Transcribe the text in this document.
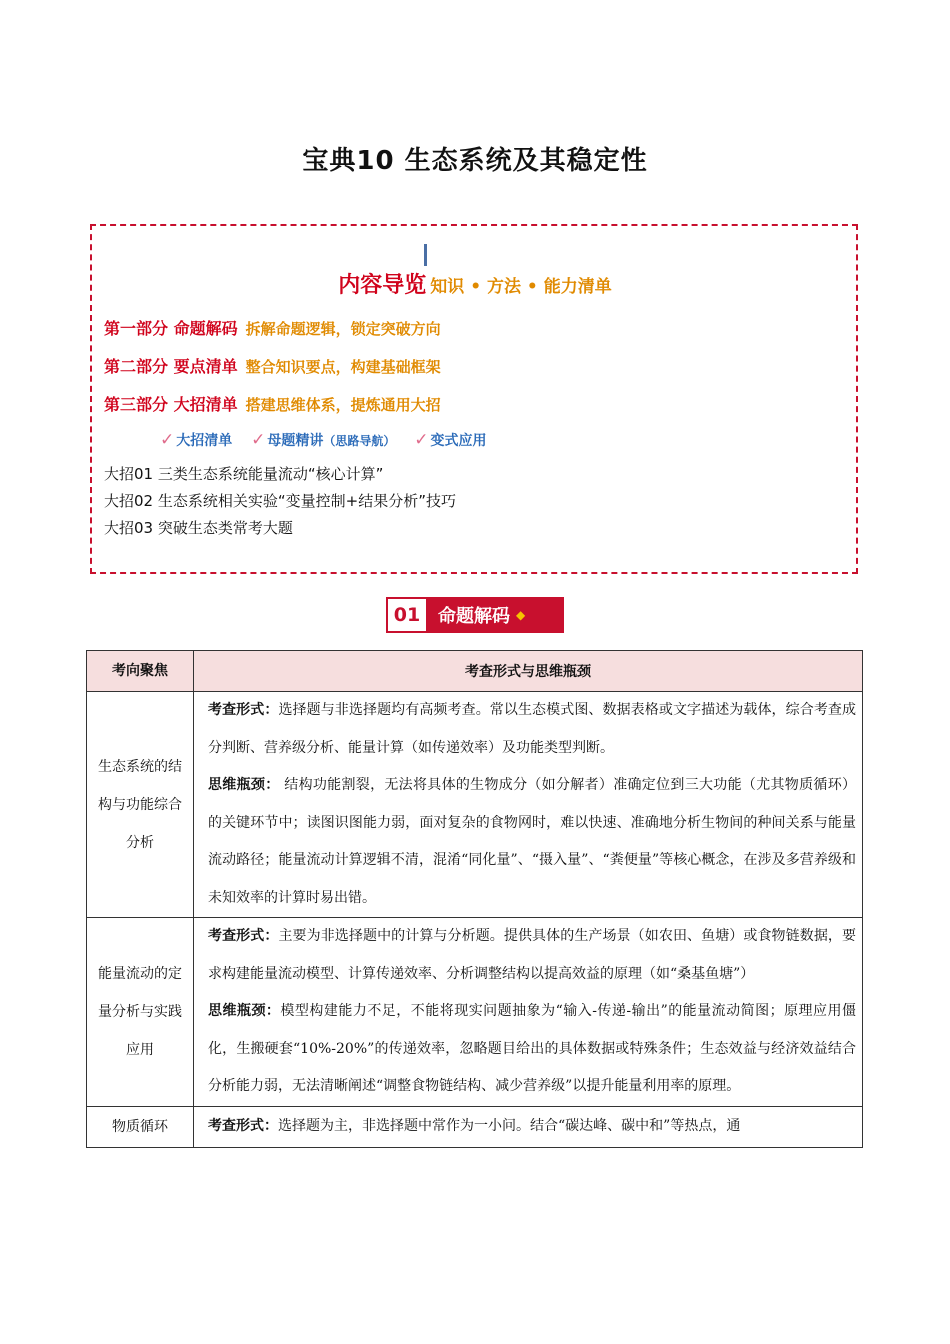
宝典10 生态系统及其稳定性
内容导览 知识 • 方法 • 能力清单
第一部分 命题解码 拆解命题逻辑，锁定突破方向
第二部分 要点清单 整合知识要点，构建基础框架
第三部分 大招清单 搭建思维体系，提炼通用大招
✓ 大招清单 ✓ 母题精讲（思路导航） ✓ 变式应用
大招01 三类生态系统能量流动“核心计算”
大招02 生态系统相关实验“变量控制+结果分析”技巧
大招03 突破生态类常考大题
01 命题解码 ◆
考向聚焦	考查形式与思维瓶颈

生态系统的结构与功能综合分析	考查形式：选择题与非选择题均有高频考查。常以生态模式图、数据表格或文字描述为载体，综合考查成分判断、营养级分析、能量计算（如传递效率）及功能类型判断。
思维瓶颈： 结构功能割裂，无法将具体的生物成分（如分解者）准确定位到三大功能（尤其物质循环）的关键环节中；读图识图能力弱，面对复杂的食物网时，难以快速、准确地分析生物间的种间关系与能量流动路径；能量流动计算逻辑不清，混淆“同化量”、“摄入量”、“粪便量”等核心概念，在涉及多营养级和未知效率的计算时易出错。

能量流动的定量分析与实践应用	考查形式：主要为非选择题中的计算与分析题。提供具体的生产场景（如农田、鱼塘）或食物链数据，要求构建能量流动模型、计算传递效率、分析调整结构以提高效益的原理（如“桑基鱼塘”）
思维瓶颈：模型构建能力不足，不能将现实问题抽象为“输入-传递-输出”的能量流动简图；原理应用僵化，生搬硬套“10%-20%”的传递效率，忽略题目给出的具体数据或特殊条件；生态效益与经济效益结合分析能力弱，无法清晰阐述“调整食物链结构、减少营养级”以提升能量利用率的原理。

物质循环	考查形式：选择题为主，非选择题中常作为一小问。结合“碳达峰、碳中和”等热点，通
